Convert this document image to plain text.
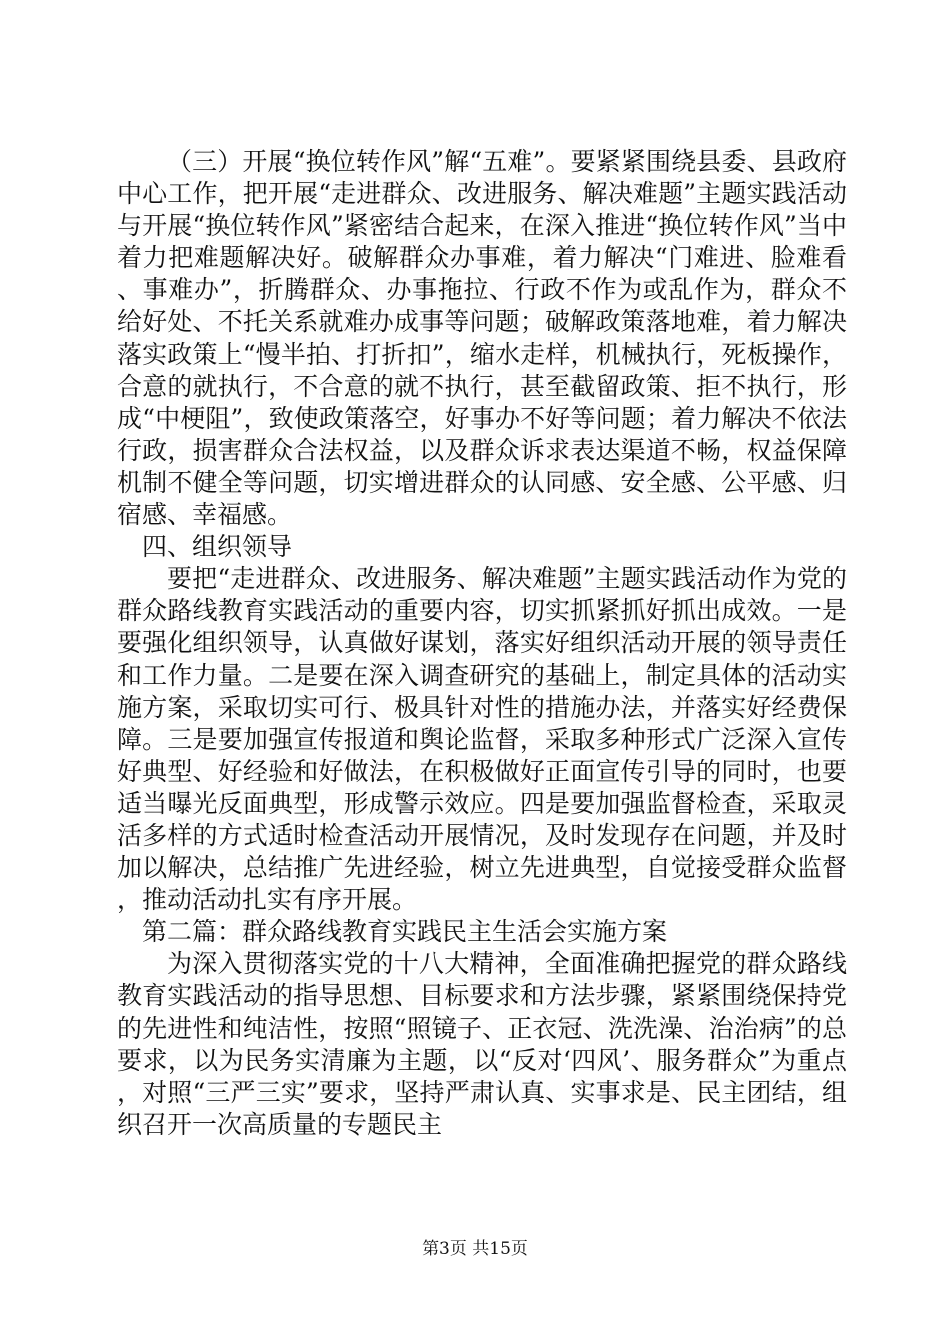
（三）开展“换位转作风”解“五难”。要紧紧围绕县委、县政府中心工作，把开展“走进群众、改进服务、解决难题”主题实践活动与开展“换位转作风”紧密结合起来，在深入推进“换位转作风”当中着力把难题解决好。破解群众办事难，着力解决“门难进、脸难看、事难办”，折腾群众、办事拖拉、行政不作为或乱作为，群众不给好处、不托关系就难办成事等问题；破解政策落地难，着力解决落实政策上“慢半拍、打折扣”，缩水走样，机械执行，死板操作，合意的就执行，不合意的就不执行，甚至截留政策、拒不执行，形成“中梗阻”，致使政策落空，好事办不好等问题；着力解决不依法行政，损害群众合法权益，以及群众诉求表达渠道不畅，权益保障机制不健全等问题，切实增进群众的认同感、安全感、公平感、归宿感、幸福感。

四、组织领导

要把“走进群众、改进服务、解决难题”主题实践活动作为党的群众路线教育实践活动的重要内容，切实抓紧抓好抓出成效。一是要强化组织领导，认真做好谋划，落实好组织活动开展的领导责任和工作力量。二是要在深入调查研究的基础上，制定具体的活动实施方案，采取切实可行、极具针对性的措施办法，并落实好经费保障。三是要加强宣传报道和舆论监督，采取多种形式广泛深入宣传好典型、好经验和好做法，在积极做好正面宣传引导的同时，也要适当曝光反面典型，形成警示效应。四是要加强监督检查，采取灵活多样的方式适时检查活动开展情况，及时发现存在问题，并及时加以解决，总结推广先进经验，树立先进典型，自觉接受群众监督，推动活动扎实有序开展。

第二篇：群众路线教育实践民主生活会实施方案

为深入贯彻落实党的十八大精神，全面准确把握党的群众路线教育实践活动的指导思想、目标要求和方法步骤，紧紧围绕保持党的先进性和纯洁性，按照“照镜子、正衣冠、洗洗澡、治治病”的总要求，以为民务实清廉为主题，以“反对‘四风’、服务群众”为重点，对照“三严三实”要求，坚持严肃认真、实事求是、民主团结，组织召开一次高质量的专题民主

第3页 共15页
